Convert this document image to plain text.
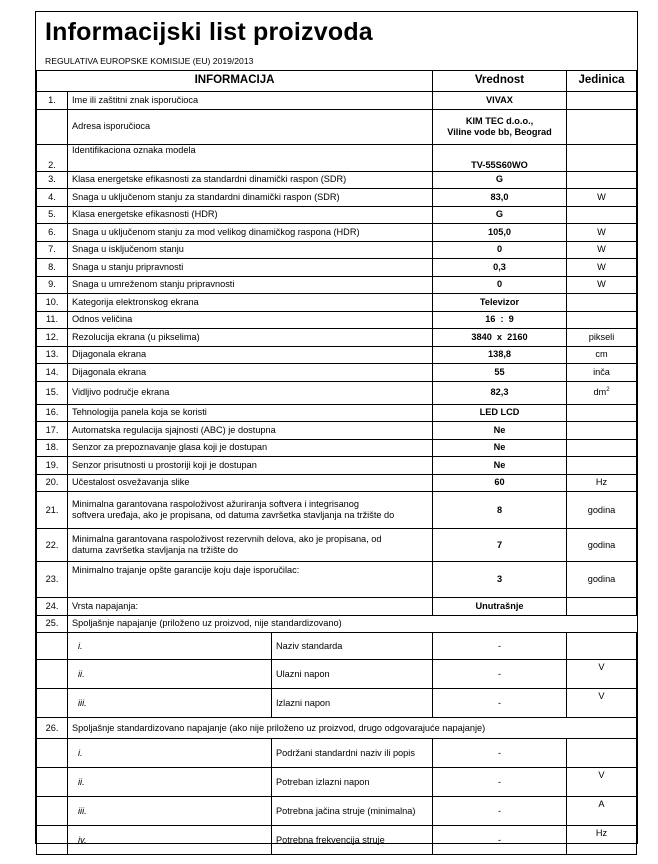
Informacijski list proizvoda
REGULATIVA EUROPSKE KOMISIJE (EU) 2019/2013
INFORMACIJA			Vrednost	Jedinica
1.	Ime ili zaštitni znak isporučioca		VIVAX	
	Adresa isporučioca		KIM TEC d.o.o.,
Viline vode bb, Beograd	

2.	Identifikaciona oznaka modela		TV-55S60WO	
3.	Klasa energetske efikasnosti za standardni dinamički raspon (SDR)		G	
4.	Snaga u uključenom stanju za standardni dinamički raspon (SDR)		83,0	W
5.	Klasa energetske efikasnosti (HDR)		G	
6.	Snaga u uključenom stanju za mod velikog dinamičkog raspona (HDR)		105,0	W
7.	Snaga u isključenom stanju		0	W
8.	Snaga u stanju pripravnosti		0,3	W
9.	Snaga u umreženom stanju pripravnosti		0	W
10.	Kategorija elektronskog ekrana		Televizor	
11.	Odnos veličina		16  :  9	
12.	Rezolucija ekrana (u pikselima)		3840  x  2160	pikseli
13.	Dijagonala ekrana		138,8	cm
14.	Dijagonala ekrana		55	inča
15.	Vidljivo područje ekrana		82,3	$dm^2$
16.	Tehnologija panela koja se koristi		LED LCD	
17.	Automatska regulacija sjajnosti (ABC) je dostupna		Ne	
18.	Senzor za prepoznavanje glasa koji je dostupan		Ne	
19.	Senzor prisutnosti u prostoriji koji je dostupan		Ne	
20.	Učestalost osvežavanja slike		60	Hz
21.	Minimalna garantovana raspoloživost ažuriranja softvera i integrisanog
softvera uređaja, ako je propisana, od datuma završetka stavljanja na tržište do		8	godina
22.	Minimalna garantovana raspoloživost rezervnih delova, ako je propisana, od
datuma završetka stavljanja na tržište do		7	godina
23.	Minimalno trajanje opšte garancije koju daje isporučilac:		3	godina
24.	Vrsta napajanja:		Unutrašnje	
25.	Spoljašnje napajanje (priloženo uz proizvod, nije standardizovano)			
	i.	Naziv standarda	-	
	ii.	Ulazni napon	-	V
	iii.	Izlazni napon	-	V
26.	Spoljašnje standardizovano napajanje (ako nije priloženo uz proizvod, drugo odgovarajuće napajanje)			
	i.	Podržani standardni naziv ili popis	-	
	ii.	Potreban izlazni napon	-	V
	iii.	Potrebna jačina struje (minimalna)	-	A
	iv.	Potrebna frekvencija struje	-	Hz
